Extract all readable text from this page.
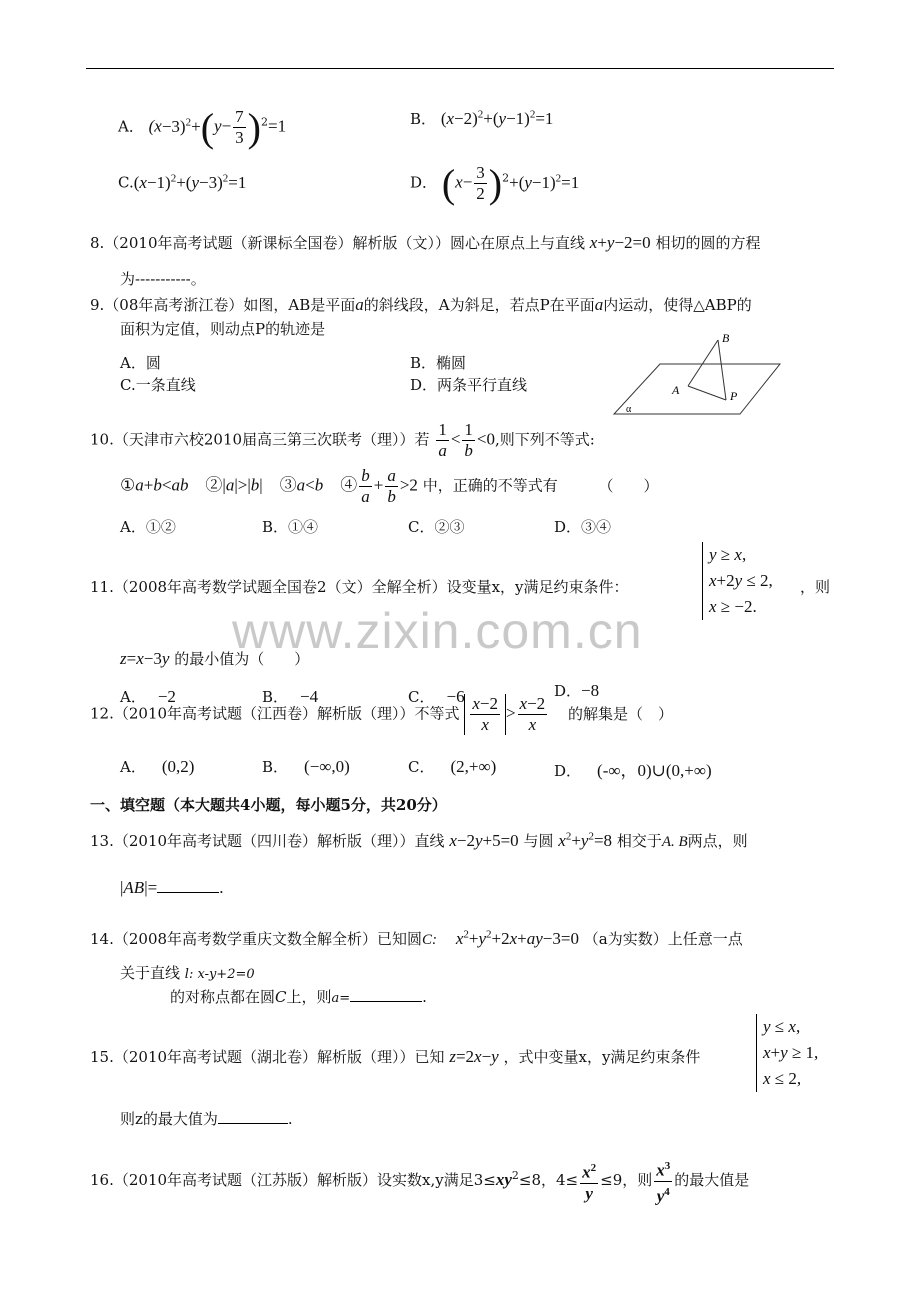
www.zixin.com.cn
A． $(x-3)^2+(y- \frac{7}{3} )^2=1$	B． $(x-2)^2+(y-1)^2=1$
$C.(x-1)^2+(y-3)^2=1$	D． $(x- \frac{3}{2} )^2+(y-1)^2=1$
8.（2010年高考试题（新课标全国卷）解析版（文））圆心在原点上与直线 x+y−2=0 相切的圆的方程
为-----------。
9.（08年高考浙江卷）如图，AB是平面a的斜线段，A为斜足，若点P在平面a内运动，使得△ABP的
面积为定值，则动点P的轨迹是
A．圆	B．椭圆
C.一条直线	D．两条平行直线
B
A	P
α
10.（天津市六校2010届高三第三次联考（理））若 $\frac{1}{a} < \frac{1}{b} <0$,则下列不等式:
①a+b<ab　②|a|>|b|　③a<b　④ $\frac{b}{a} + \frac{a}{b} >2$ 中，正确的不等式有	（　　）
A．①②	B．①④	C．②③	D．③④
11.（2008年高考数学试题全国卷2（文）全解全析）设变量x，y满足约束条件：
y ≥ x,
x+2y ≤ 2,
x ≥ −2.
，则
z=x−3y 的最小值为（　　）
A． −2	B． −4	C． −6	D．−8
12.（2010年高考试题（江西卷）解析版（理））不等式 $\frac{x-2}{x} > \frac{x-2}{x}$ 的解集是（　）
A． (0,2)	B． (−∞,0)	C． (2,+∞)	D． (-∞，0)∪(0,+∞)
一、填空题（本大题共4小题，每小题5分，共20分）
13.（2010年高考试题（四川卷）解析版（理））直线 x−2y+5=0 与圆 $x^2+y^2=8$ 相交于A. B两点，则
|AB|=	.
14.（2008年高考数学重庆文数全解全析）已知圆C: $x^2+y^2+2x+ay-3=0$ （a为实数）上任意一点
关于直线 l: x-y+2=0
的对称点都在圆C上，则a=	.
15.（2010年高考试题（湖北卷）解析版（理））已知 z=2x−y ，式中变量x，y满足约束条件
y ≤ x,
x+y ≥ 1,
x ≤ 2,
则z的最大值为	.
16.（2010年高考试题（江苏版）解析版）设实数x,y满足$3\le xy^2\le 8$，$4\le \frac{x^2}{y} \le 9$，则 $\frac{x^3}{y^4}$ 的最大值是
